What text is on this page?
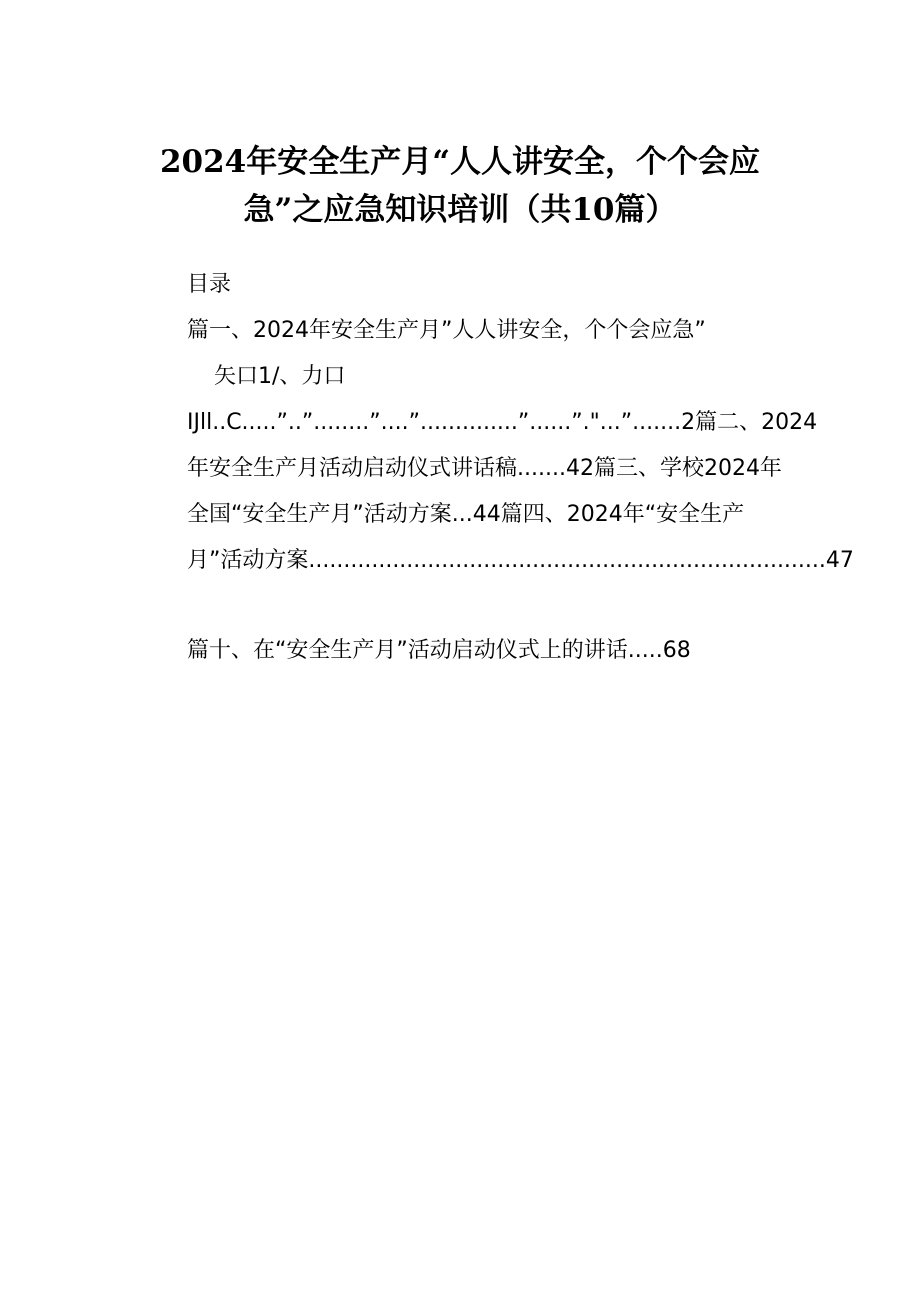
2024年安全生产月“人人讲安全，个个会应
急”之应急知识培训（共10篇）
目录
篇一、2024年安全生产月”人人讲安全，个个会应急”
矢口1/、力口
IJll..C.....”..”........”....”..............”......”."...”.......2篇二、2024
年安全生产月活动启动仪式讲话稿.......42篇三、学校2024年
全国“安全生产月”活动方案...44篇四、2024年“安全生产
月”活动方案..........................................................................47
篇十、在“安全生产月”活动启动仪式上的讲话.....68
